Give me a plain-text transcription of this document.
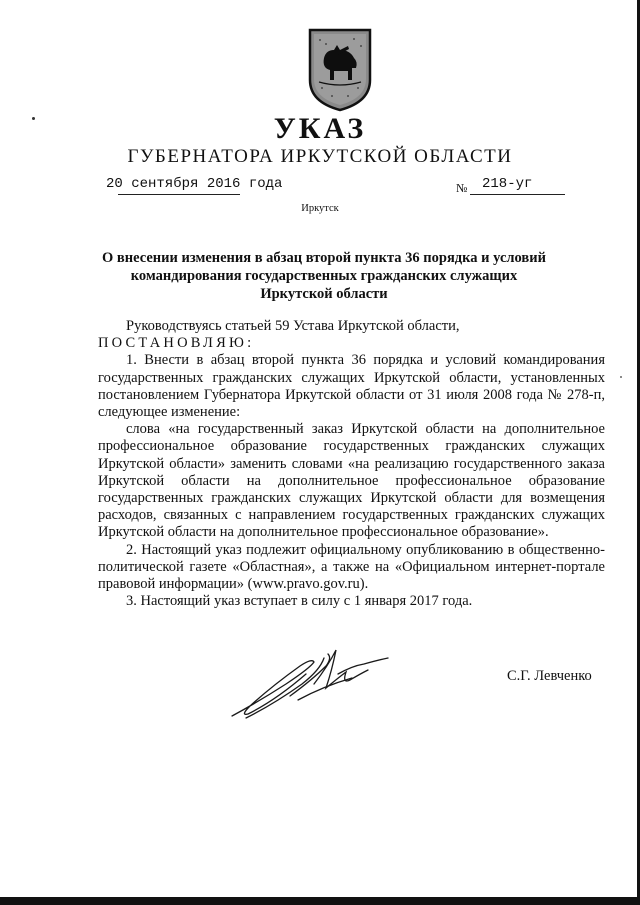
УКАЗ
ГУБЕРНАТОРА ИРКУТСКОЙ ОБЛАСТИ
20 сентября 2016 года	№ 218-уг
Иркутск
О внесении изменения в абзац второй пункта 36 порядка и условий командирования государственных гражданских служащих Иркутской области

Руководствуясь статьей 59 Устава Иркутской области,

ПОСТАНОВЛЯЮ:

1. Внести в абзац второй пункта 36 порядка и условий командирования государственных гражданских служащих Иркутской области, установленных постановлением Губернатора Иркутской области от 31 июля 2008 года № 278-п, следующее изменение:

слова «на государственный заказ Иркутской области на дополнительное профессиональное образование государственных гражданских служащих Иркутской области» заменить словами «на реализацию государственного заказа Иркутской области на дополнительное профессиональное образование государственных гражданских служащих Иркутской области для возмещения расходов, связанных с направлением государственных гражданских служащих Иркутской области на дополнительное профессиональное образование».

2. Настоящий указ подлежит официальному опубликованию в общественно-политической газете «Областная», а также на «Официальном интернет-портале правовой информации» (www.pravo.gov.ru).

3. Настоящий указ вступает в силу с 1 января 2017 года.

С.Г. Левченко
